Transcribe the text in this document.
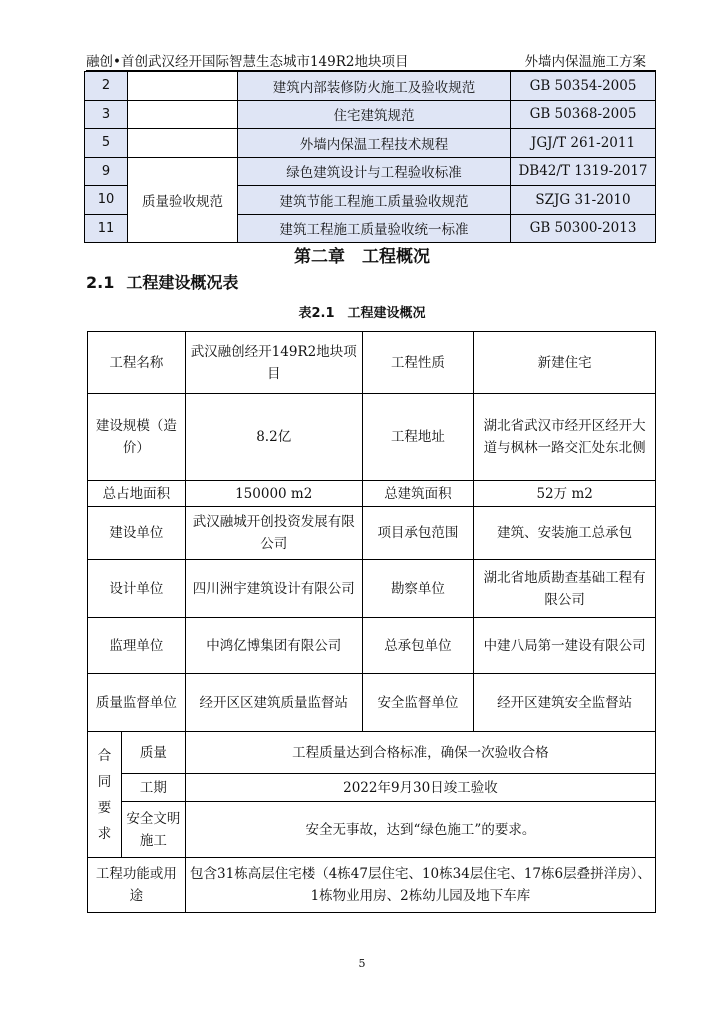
融创•首创武汉经开国际智慧生态城市149R2地块项目	外墙内保温施工方案
2		建筑内部装修防火施工及验收规范	GB 50354-2005
3		住宅建筑规范	GB 50368-2005
5		外墙内保温工程技术规程	JGJ/T 261-2011
9	质量验收规范	绿色建筑设计与工程验收标准	DB42/T 1319-2017
10		建筑节能工程施工质量验收规范	SZJG 31-2010
11		建筑工程施工质量验收统一标准	GB 50300-2013
第二章　工程概况
2.1 工程建设概况表
表2.1　工程建设概况
工程名称		武汉融创经开149R2地块项目	工程性质	新建住宅
建设规模（造价）		8.2亿	工程地址	湖北省武汉市经开区经开大道与枫林一路交汇处东北侧
总占地面积		150000 m2	总建筑面积	52万 m2
建设单位		武汉融城开创投资发展有限公司	项目承包范围	建筑、安装施工总承包
设计单位		四川洲宇建筑设计有限公司	勘察单位	湖北省地质勘查基础工程有限公司
监理单位		中鸿亿博集团有限公司	总承包单位	中建八局第一建设有限公司
质量监督单位		经开区区建筑质量监督站	安全监督单位	经开区建筑安全监督站
合同要求	质量	工程质量达到合格标准，确保一次验收合格		
	工期	2022年9月30日竣工验收		
	安全文明施工	安全无事故，达到“绿色施工”的要求。		
工程功能或用途		包含31栋高层住宅楼（4栋47层住宅、10栋34层住宅、17栋6层叠拼洋房）、1栋物业用房、2栋幼儿园及地下车库		
5
